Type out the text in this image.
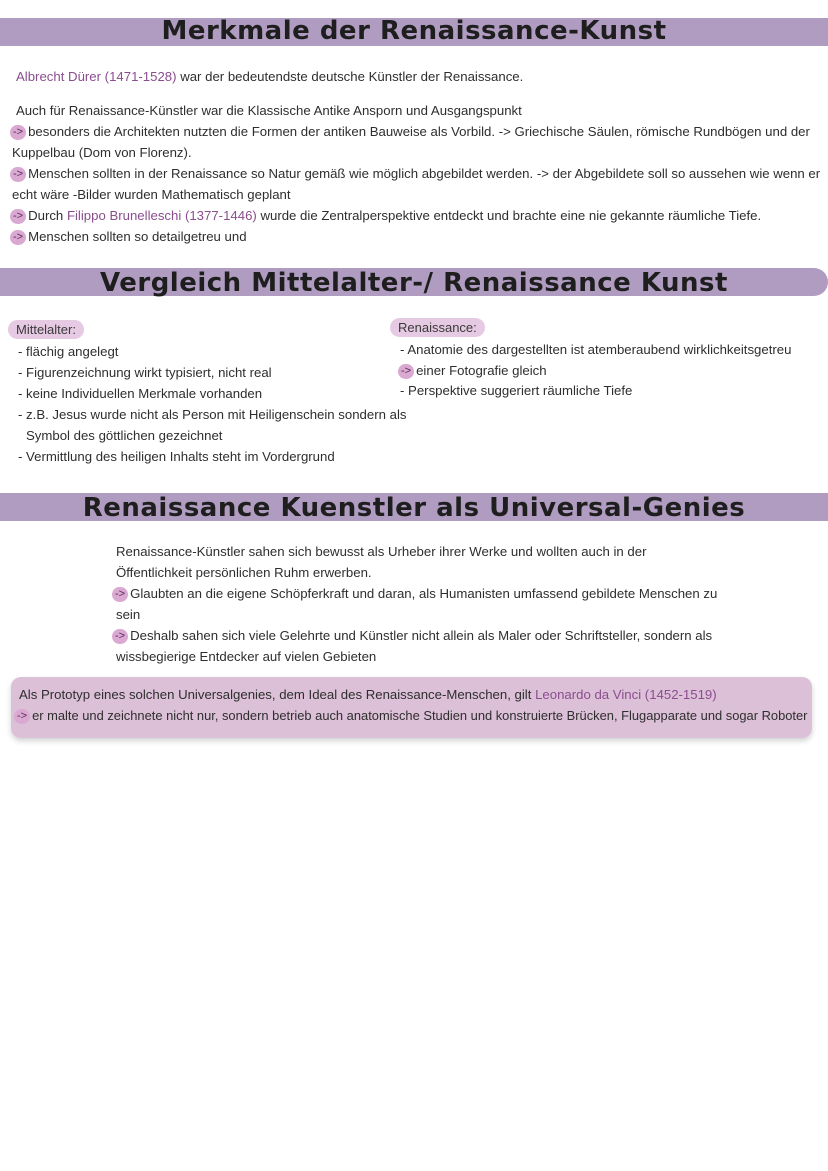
Merkmale der Renaissance-Kunst
Albrecht Dürer (1471-1528) war der bedeutendste deutsche Künstler der Renaissance.
Auch für Renaissance-Künstler war die Klassische Antike Ansporn und Ausgangspunkt
-> besonders die Architekten nutzten die Formen der antiken Bauweise als Vorbild. -> Griechische Säulen, römische Rundbögen und der
Kuppelbau (Dom von Florenz).
-> Menschen sollten in der Renaissance so Natur gemäß wie möglich abgebildet werden. -> der Abgebildete soll so aussehen wie wenn er
echt wäre -Bilder wurden Mathematisch geplant
-> Durch Filippo Brunelleschi (1377-1446) wurde die Zentralperspektive entdeckt und brachte eine nie gekannte räumliche Tiefe.
-> Menschen sollten so detailgetreu und
Vergleich Mittelalter-/ Renaissance Kunst
Mittelalter:
- flächig angelegt
- Figurenzeichnung wirkt typisiert, nicht real
- keine Individuellen Merkmale vorhanden
- z.B. Jesus wurde nicht als Person mit Heiligenschein sondern als
Symbol des göttlichen gezeichnet
- Vermittlung des heiligen Inhalts steht im Vordergrund
Renaissance:
- Anatomie des dargestellten ist atemberaubend wirklichkeitsgetreu
-> einer Fotografie gleich
- Perspektive suggeriert räumliche Tiefe
Renaissance Kuenstler als Universal-Genies
Renaissance-Künstler sahen sich bewusst als Urheber ihrer Werke und wollten auch in der
Öffentlichkeit persönlichen Ruhm erwerben.
-> Glaubten an die eigene Schöpferkraft und daran, als Humanisten umfassend gebildete Menschen zu
sein
-> Deshalb sahen sich viele Gelehrte und Künstler nicht allein als Maler oder Schriftsteller, sondern als
wissbegierige Entdecker auf vielen Gebieten
Als Prototyp eines solchen Universalgenies, dem Ideal des Renaissance-Menschen, gilt Leonardo da Vinci (1452-1519)
-> er malte und zeichnete nicht nur, sondern betrieb auch anatomische Studien und konstruierte Brücken, Flugapparate und sogar Roboter
